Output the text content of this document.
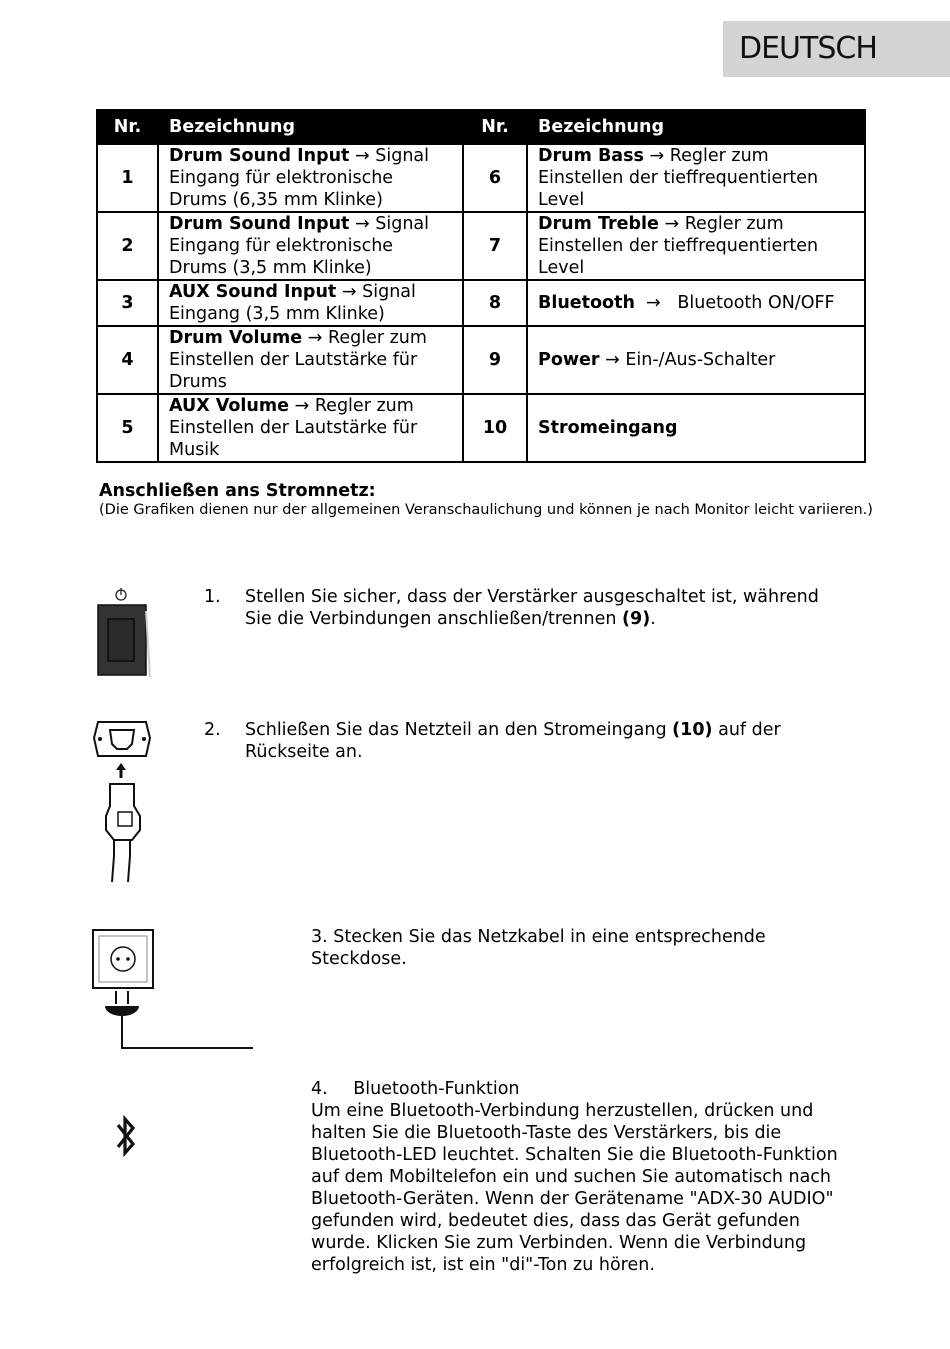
DEUTSCH
Nr.	Bezeichnung	Nr.	Bezeichnung
1	Drum Sound Input → Signal Eingang für elektronische Drums (6,35 mm Klinke)	6	Drum Bass → Regler zum Einstellen der tieffrequentierten Level
2	Drum Sound Input → Signal Eingang für elektronische Drums (3,5 mm Klinke)	7	Drum Treble → Regler zum Einstellen der tieffrequentierten Level
3	AUX Sound Input → Signal Eingang (3,5 mm Klinke)	8	Bluetooth → Bluetooth ON/OFF
4	Drum Volume → Regler zum Einstellen der Lautstärke für Drums	9	Power → Ein-/Aus-Schalter
5	AUX Volume → Regler zum Einstellen der Lautstärke für Musik	10	Stromeingang
Anschließen ans Stromnetz:
(Die Grafiken dienen nur der allgemeinen Veranschaulichung und können je nach Monitor leicht variieren.)
1. Stellen Sie sicher, dass der Verstärker ausgeschaltet ist, während Sie die Verbindungen anschließen/trennen (9).
2. Schließen Sie das Netzteil an den Stromeingang (10) auf der Rückseite an.
3. Stecken Sie das Netzkabel in eine entsprechende Steckdose.
4. Bluetooth-Funktion
Um eine Bluetooth-Verbindung herzustellen, drücken und halten Sie die Bluetooth-Taste des Verstärkers, bis die Bluetooth-LED leuchtet. Schalten Sie die Bluetooth-Funktion auf dem Mobiltelefon ein und suchen Sie automatisch nach Bluetooth-Geräten. Wenn der Gerätename "ADX-30 AUDIO" gefunden wird, bedeutet dies, dass das Gerät gefunden wurde. Klicken Sie zum Verbinden. Wenn die Verbindung erfolgreich ist, ist ein "di"-Ton zu hören.
